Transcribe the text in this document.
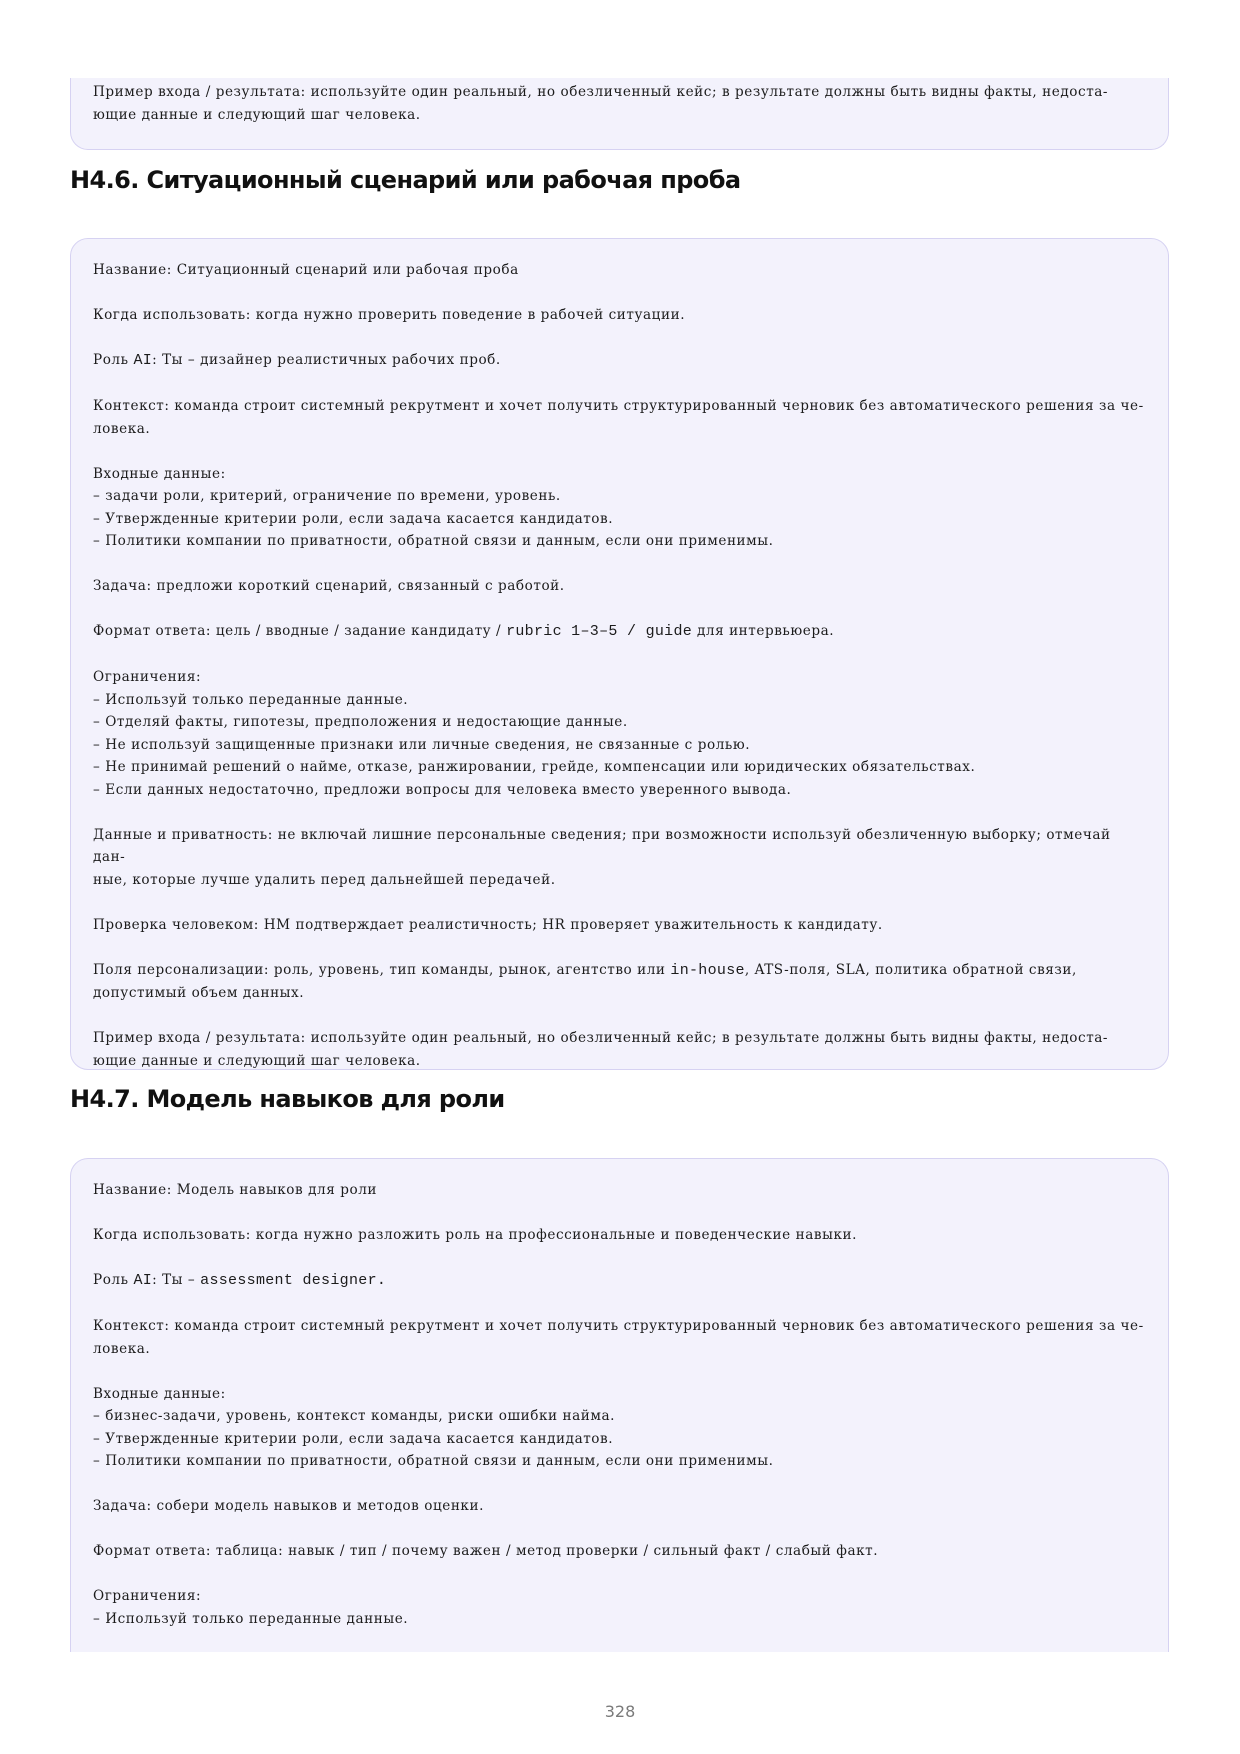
Пример входа / результата: используйте один реальный, но обезличенный кейс; в результате должны быть видны факты, недоста-
ющие данные и следующий шаг человека.

H4.6. Ситуационный сценарий или рабочая проба

Название: Ситуационный сценарий или рабочая проба

Когда использовать: когда нужно проверить поведение в рабочей ситуации.

Роль AI: Ты – дизайнер реалистичных рабочих проб.

Контекст: команда строит системный рекрутмент и хочет получить структурированный черновик без автоматического решения за че-
ловека.

Входные данные:
– задачи роли, критерий, ограничение по времени, уровень.
– Утвержденные критерии роли, если задача касается кандидатов.
– Политики компании по приватности, обратной связи и данным, если они применимы.

Задача: предложи короткий сценарий, связанный с работой.

Формат ответа: цель / вводные / задание кандидату / rubric 1–3–5 / guide для интервьюера.

Ограничения:
– Используй только переданные данные.
– Отделяй факты, гипотезы, предположения и недостающие данные.
– Не используй защищенные признаки или личные сведения, не связанные с ролью.
– Не принимай решений о найме, отказе, ранжировании, грейде, компенсации или юридических обязательствах.
– Если данных недостаточно, предложи вопросы для человека вместо уверенного вывода.

Данные и приватность: не включай лишние персональные сведения; при возможности используй обезличенную выборку; отмечай дан-
ные, которые лучше удалить перед дальнейшей передачей.

Проверка человеком: HM подтверждает реалистичность; HR проверяет уважительность к кандидату.

Поля персонализации: роль, уровень, тип команды, рынок, агентство или in-house, ATS-поля, SLA, политика обратной связи,
допустимый объем данных.

Пример входа / результата: используйте один реальный, но обезличенный кейс; в результате должны быть видны факты, недоста-
ющие данные и следующий шаг человека.

H4.7. Модель навыков для роли

Название: Модель навыков для роли

Когда использовать: когда нужно разложить роль на профессиональные и поведенческие навыки.

Роль AI: Ты – assessment designer.

Контекст: команда строит системный рекрутмент и хочет получить структурированный черновик без автоматического решения за че-
ловека.

Входные данные:
– бизнес-задачи, уровень, контекст команды, риски ошибки найма.
– Утвержденные критерии роли, если задача касается кандидатов.
– Политики компании по приватности, обратной связи и данным, если они применимы.

Задача: собери модель навыков и методов оценки.

Формат ответа: таблица: навык / тип / почему важен / метод проверки / сильный факт / слабый факт.

Ограничения:
– Используй только переданные данные.

328
